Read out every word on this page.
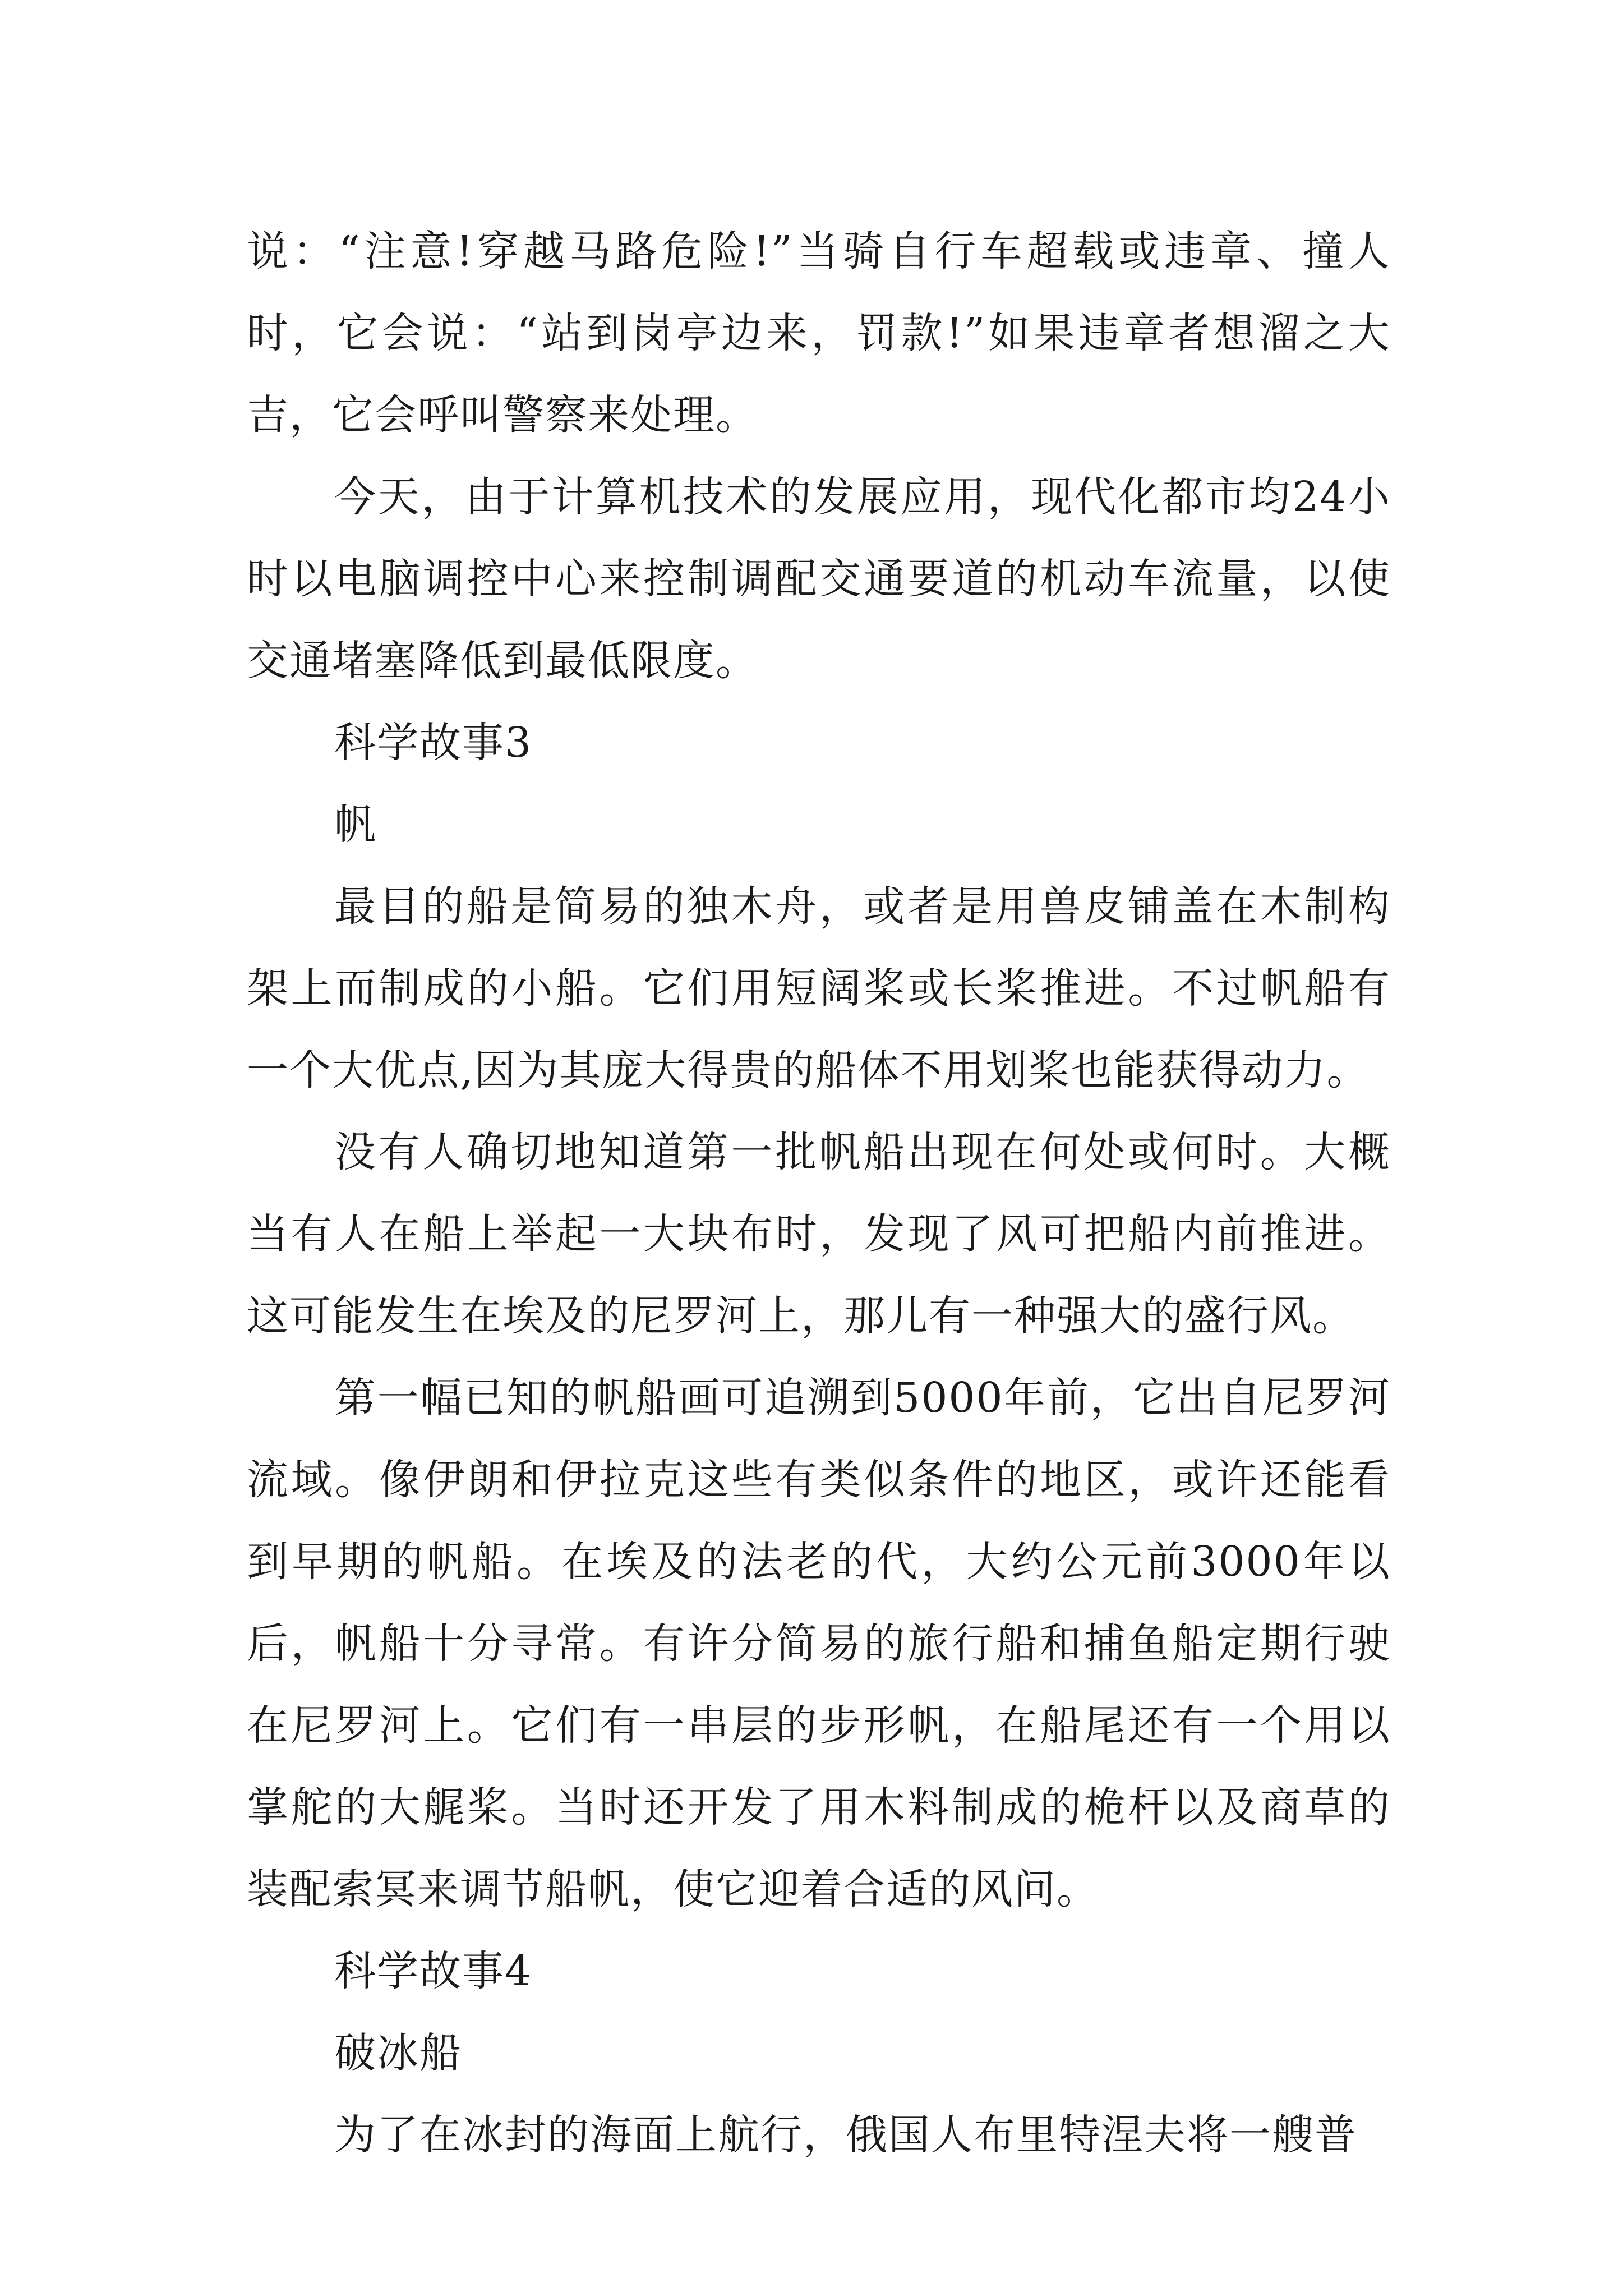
说：“注意!穿越马路危险!”当骑自行车超载或违章、撞人时，它会说：“站到岗亭边来，罚款!”如果违章者想溜之大吉，它会呼叫警察来处理。

今天，由于计算机技术的发展应用，现代化都市均24小时以电脑调控中心来控制调配交通要道的机动车流量，以使交通堵塞降低到最低限度。

科学故事3

帆

最目的船是简易的独木舟，或者是用兽皮铺盖在木制构架上而制成的小船。它们用短阔桨或长桨推进。不过帆船有一个大优点,因为其庞大得贵的船体不用划桨也能获得动力。

没有人确切地知道第一批帆船出现在何处或何时。大概当有人在船上举起一大块布时，发现了风可把船内前推进。这可能发生在埃及的尼罗河上，那儿有一种强大的盛行风。

第一幅已知的帆船画可追溯到5000年前，它出自尼罗河流域。像伊朗和伊拉克这些有类似条件的地区，或许还能看到早期的帆船。在埃及的法老的代，大约公元前3000年以后，帆船十分寻常。有许分简易的旅行船和捕鱼船定期行驶在尼罗河上。它们有一串层的步形帆，在船尾还有一个用以掌舵的大艉桨。当时还开发了用木料制成的桅杆以及商草的装配索冥来调节船帆，使它迎着合适的风问。

科学故事4

破冰船

为了在冰封的海面上航行，俄国人布里特涅夫将一艘普
